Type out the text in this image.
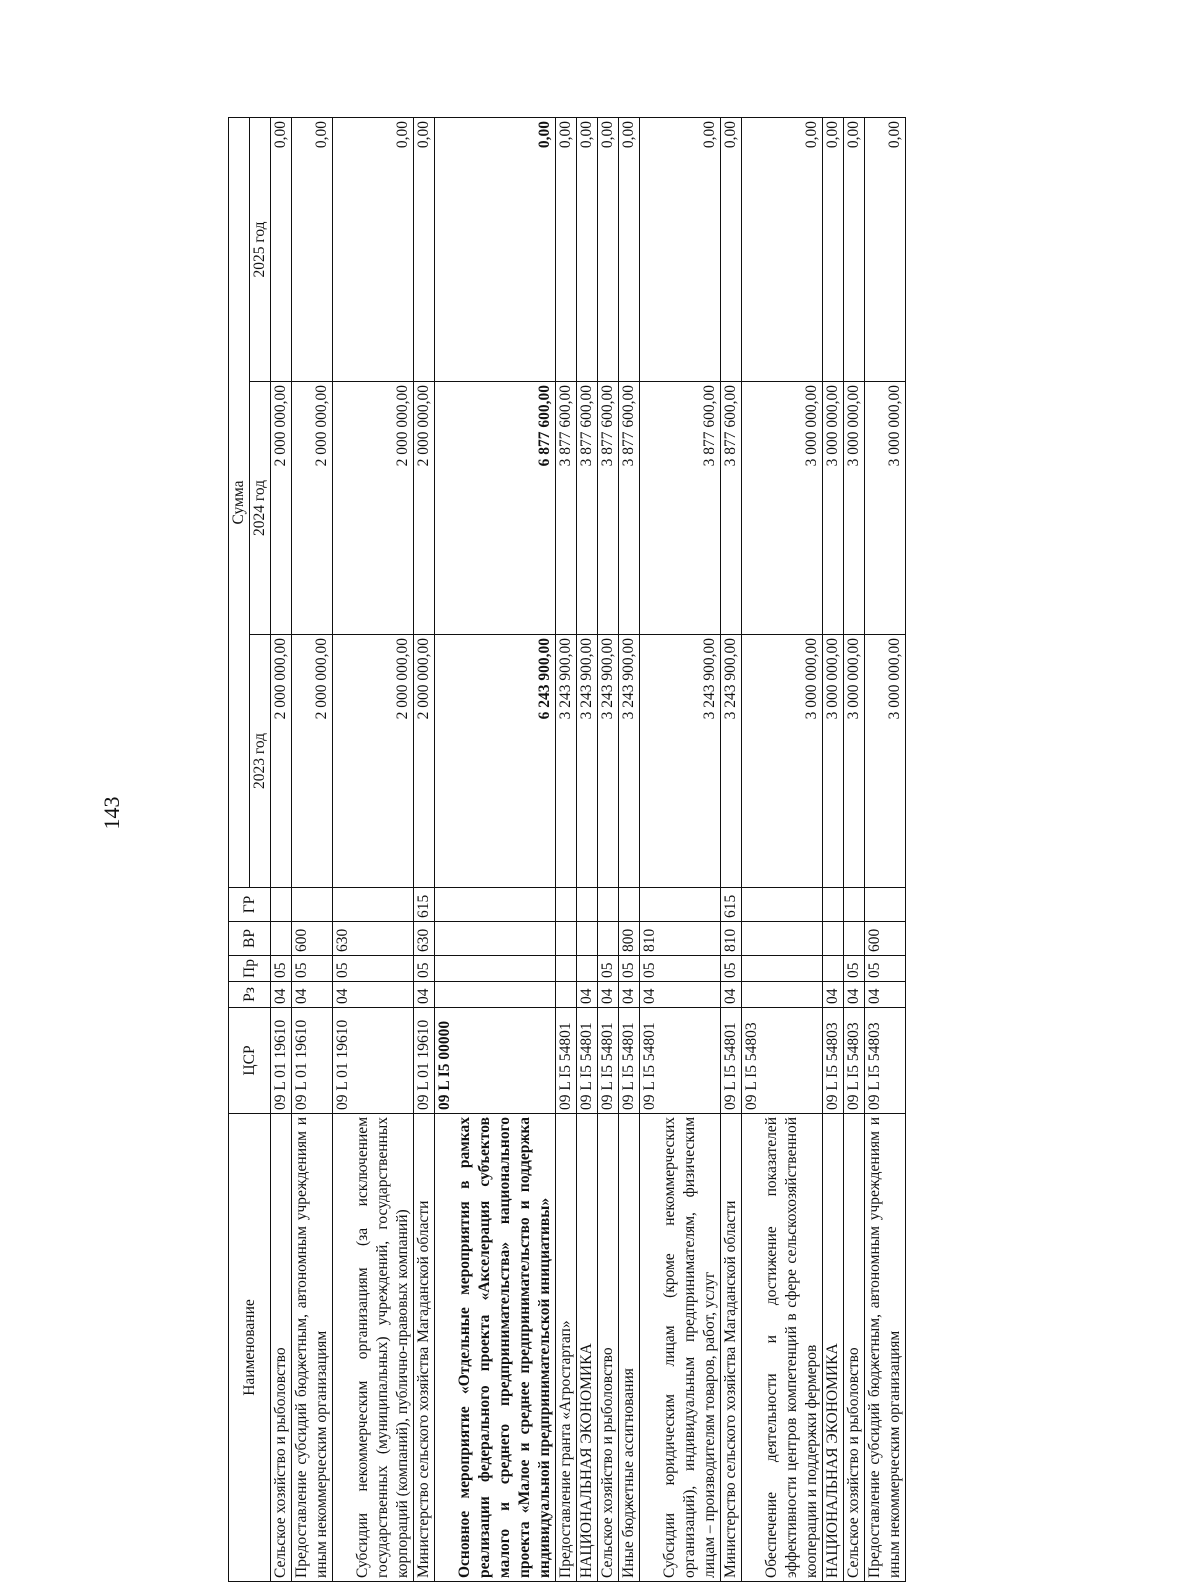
143
Наименование	ЦСР	Рз	Пр	ВР	ГР	Сумма		
						2023 год	2024 год	2025 год
Сельское хозяйство и рыболовство	09 L 01 19610	04	05			2 000 000,00	2 000 000,00	0,00
Предоставление субсидий бюджетным, автономным учреждениям и иным некоммерческим организациям	09 L 01 19610	04	05	600		2 000 000,00	2 000 000,00	0,00
Субсидии некоммерческим организациям (за исключением государственных (муниципальных) учреждений, государственных корпораций (компаний), публично-правовых компаний)	09 L 01 19610	04	05	630		2 000 000,00	2 000 000,00	0,00
Министерство сельского хозяйства Магаданской области	09 L 01 19610	04	05	630	615	2 000 000,00	2 000 000,00	0,00
Основное мероприятие «Отдельные мероприятия в рамках реализации федерального проекта «Акселерация субъектов малого и среднего предпринимательства» национального проекта «Малое и среднее предпринимательство и поддержка индивидуальной предпринимательской инициативы»	09 L I5 00000					6 243 900,00	6 877 600,00	0,00
Предоставление гранта «Агростартап»	09 L I5 54801					3 243 900,00	3 877 600,00	0,00
НАЦИОНАЛЬНАЯ ЭКОНОМИКА	09 L I5 54801	04				3 243 900,00	3 877 600,00	0,00
Сельское хозяйство и рыболовство	09 L I5 54801	04	05			3 243 900,00	3 877 600,00	0,00
Иные бюджетные ассигнования	09 L I5 54801	04	05	800		3 243 900,00	3 877 600,00	0,00
Субсидии юридическим лицам (кроме некоммерческих организаций), индивидуальным предпринимателям, физическим лицам – производителям товаров, работ, услуг	09 L I5 54801	04	05	810		3 243 900,00	3 877 600,00	0,00
Министерство сельского хозяйства Магаданской области	09 L I5 54801	04	05	810	615	3 243 900,00	3 877 600,00	0,00
Обеспечение деятельности и достижение показателей эффективности центров компетенций в сфере сельскохозяйственной кооперации и поддержки фермеров	09 L I5 54803					3 000 000,00	3 000 000,00	0,00
НАЦИОНАЛЬНАЯ ЭКОНОМИКА	09 L I5 54803	04				3 000 000,00	3 000 000,00	0,00
Сельское хозяйство и рыболовство	09 L I5 54803	04	05			3 000 000,00	3 000 000,00	0,00
Предоставление субсидий бюджетным, автономным учреждениям и иным некоммерческим организациям	09 L I5 54803	04	05	600		3 000 000,00	3 000 000,00	0,00
